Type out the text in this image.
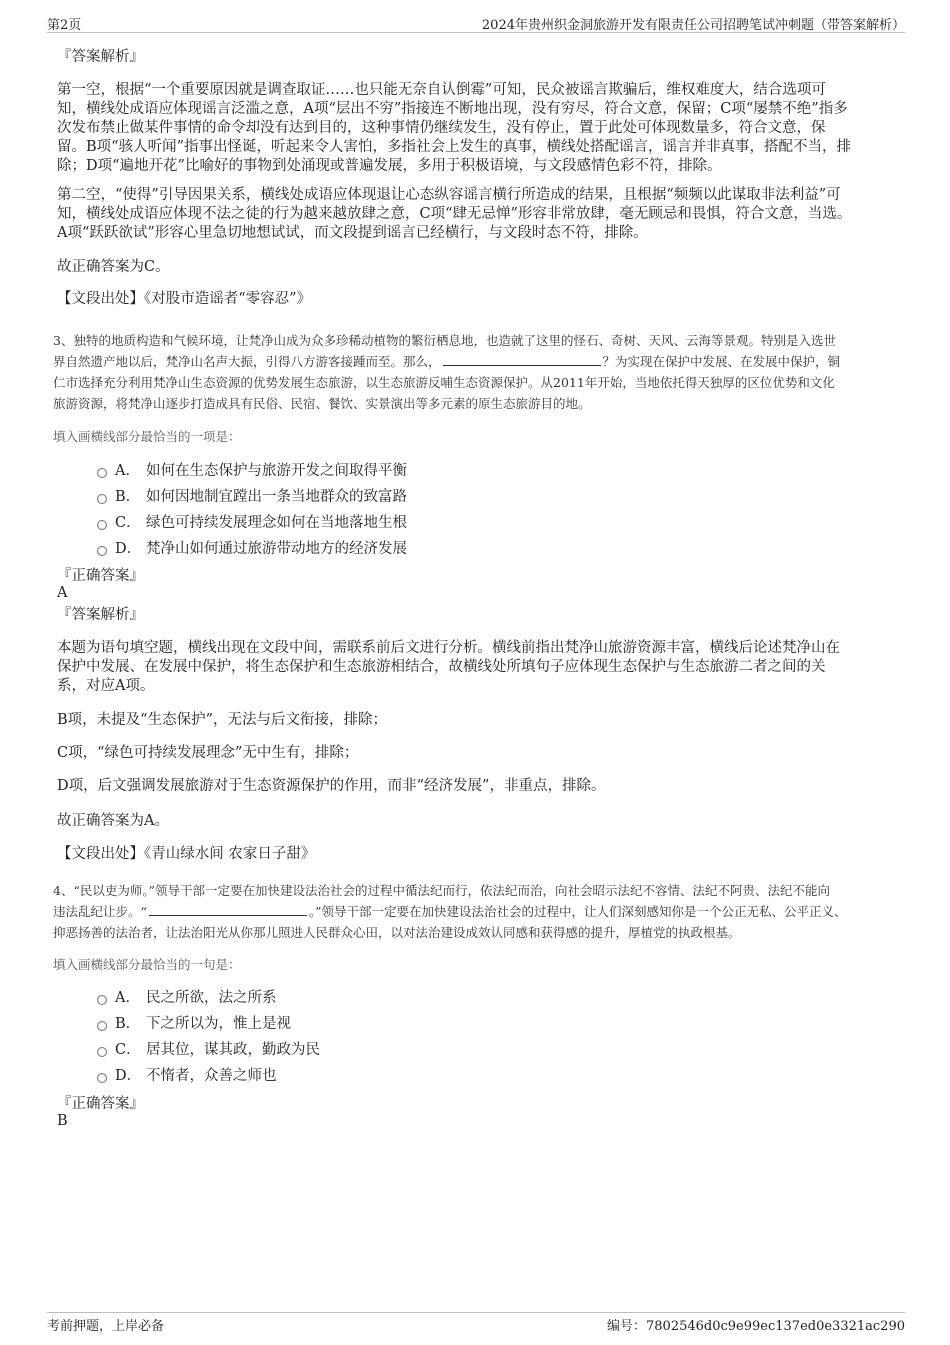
第2页	2024年贵州织金洞旅游开发有限责任公司招聘笔试冲刺题（带答案解析）
『答案解析』
第一空，根据“一个重要原因就是调查取证……也只能无奈自认倒霉”可知，民众被谣言欺骗后，维权难度大，结合选项可
知，横线处成语应体现谣言泛滥之意，A项“层出不穷”指接连不断地出现，没有穷尽，符合文意，保留；C项“屡禁不绝”指多
次发布禁止做某件事情的命令却没有达到目的，这种事情仍继续发生，没有停止，置于此处可体现数量多，符合文意，保
留。B项“骇人听闻”指事出怪诞，听起来令人害怕，多指社会上发生的真事，横线处搭配谣言，谣言并非真事，搭配不当，排
除；D项“遍地开花”比喻好的事物到处涌现或普遍发展，多用于积极语境，与文段感情色彩不符，排除。
第二空，“使得”引导因果关系，横线处成语应体现退让心态纵容谣言横行所造成的结果，且根据“频频以此谋取非法利益”可
知，横线处成语应体现不法之徒的行为越来越放肆之意，C项“肆无忌惮”形容非常放肆，毫无顾忌和畏惧，符合文意，当选。
A项“跃跃欲试”形容心里急切地想试试，而文段提到谣言已经横行，与文段时态不符，排除。
故正确答案为C。
【文段出处】《对股市造谣者“零容忍”》
3、独特的地质构造和气候环境，让梵净山成为众多珍稀动植物的繁衍栖息地，也造就了这里的怪石、奇树、天风、云海等景观。特别是入选世
界自然遗产地以后，梵净山名声大振，引得八方游客接踵而至。那么，	？为实现在保护中发展、在发展中保护，铜
仁市选择充分利用梵净山生态资源的优势发展生态旅游，以生态旅游反哺生态资源保护。从2011年开始，当地依托得天独厚的区位优势和文化
旅游资源，将梵净山逐步打造成具有民俗、民宿、餐饮、实景演出等多元素的原生态旅游目的地。
填入画横线部分最恰当的一项是：
A． 如何在生态保护与旅游开发之间取得平衡
B． 如何因地制宜蹚出一条当地群众的致富路
C． 绿色可持续发展理念如何在当地落地生根
D． 梵净山如何通过旅游带动地方的经济发展
『正确答案』
A
『答案解析』
本题为语句填空题，横线出现在文段中间，需联系前后文进行分析。横线前指出梵净山旅游资源丰富，横线后论述梵净山在
保护中发展、在发展中保护，将生态保护和生态旅游相结合，故横线处所填句子应体现生态保护与生态旅游二者之间的关
系，对应A项。
B项，未提及“生态保护”，无法与后文衔接，排除；
C项，“绿色可持续发展理念”无中生有，排除；
D项，后文强调发展旅游对于生态资源保护的作用，而非“经济发展”，非重点，排除。
故正确答案为A。
【文段出处】《青山绿水间 农家日子甜》
4、“民以吏为师。”领导干部一定要在加快建设法治社会的过程中循法纪而行，依法纪而治，向社会昭示法纪不容情、法纪不阿贵、法纪不能向
违法乱纪让步。“	。”领导干部一定要在加快建设法治社会的过程中，让人们深刻感知你是一个公正无私、公平正义、
抑恶扬善的法治者，让法治阳光从你那儿照进人民群众心田，以对法治建设成效认同感和获得感的提升，厚植党的执政根基。
填入画横线部分最恰当的一句是：
A． 民之所欲，法之所系
B． 下之所以为，惟上是视
C． 居其位，谋其政，勤政为民
D． 不惰者，众善之师也
『正确答案』
B
考前押题，上岸必备	编号：7802546d0c9e99ec137ed0e3321ac290
